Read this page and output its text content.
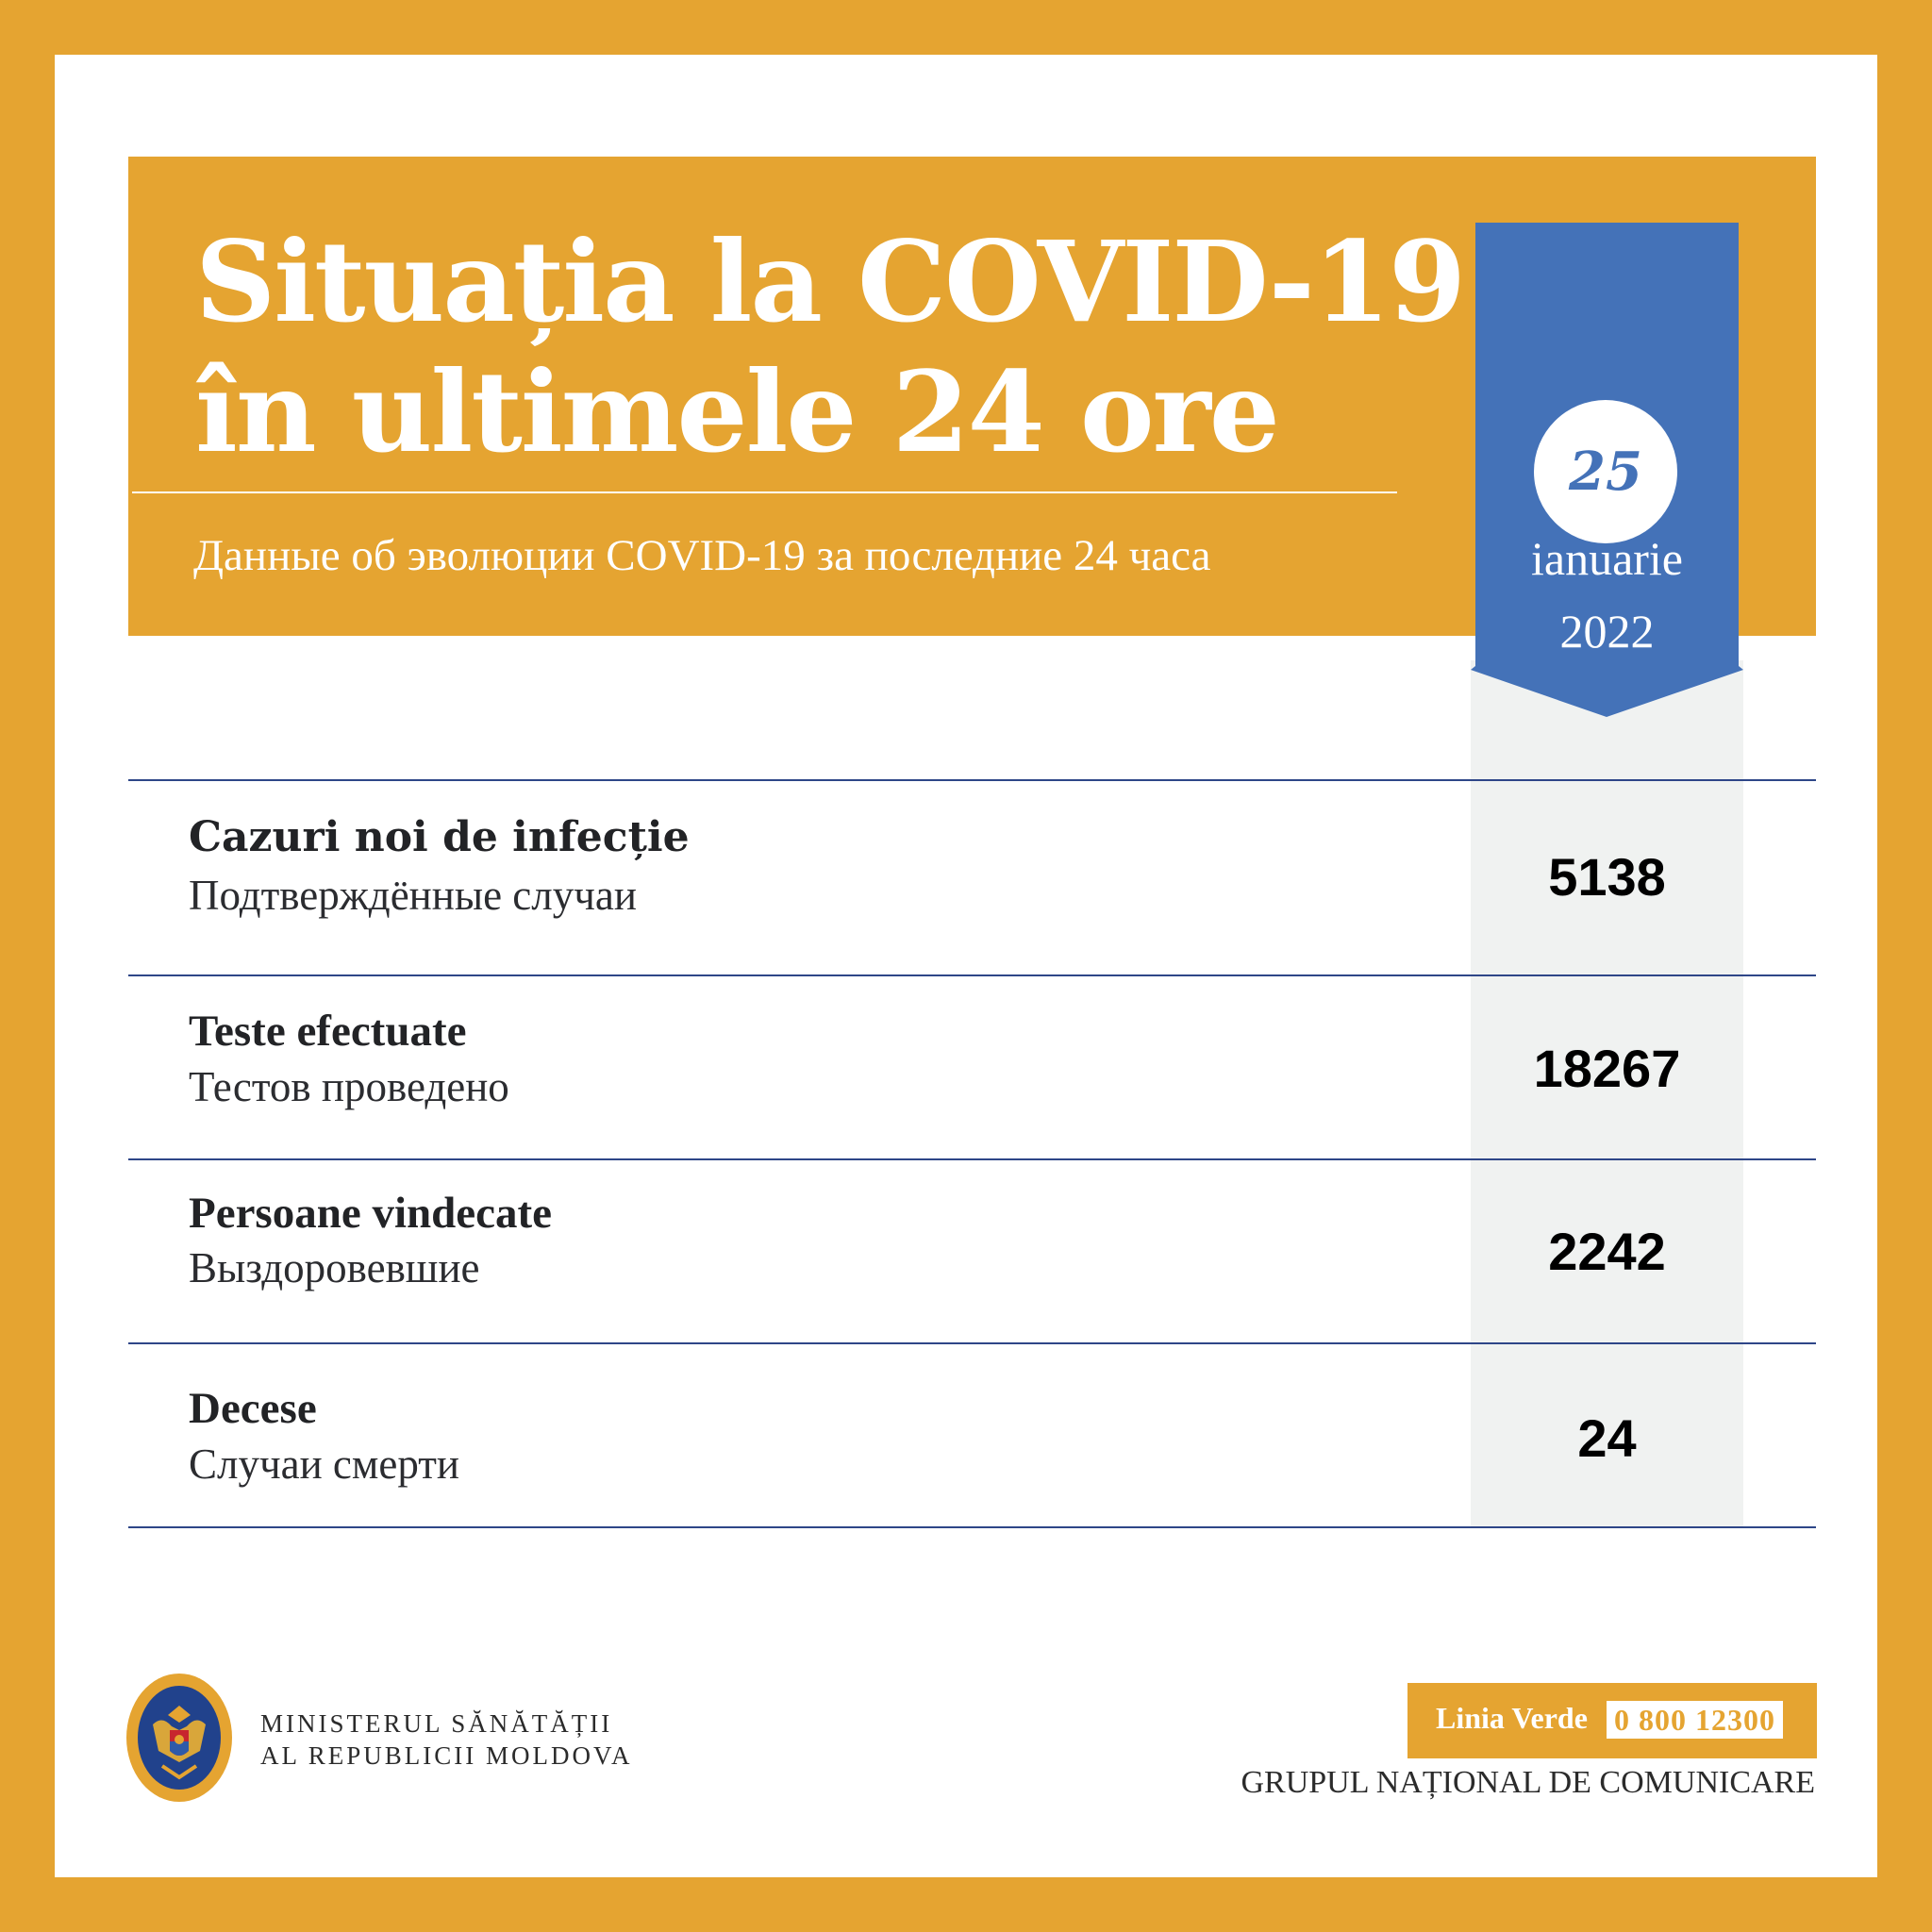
Situația la COVID-19
în ultimele 24 ore
Данные об эволюции COVID-19 за последние 24 часа
25
ianuarie
2022
Cazuri noi de infecție
Подтверждённые случаи	5138
Teste efectuate
Тестов проведено	18267
Persoane vindecate
Выздоровевшие	2242
Decese
Случаи смерти	24
MINISTERUL SĂNĂTĂȚII
AL REPUBLICII MOLDOVA
Linia Verde 0 800 12300
GRUPUL NAȚIONAL DE COMUNICARE
